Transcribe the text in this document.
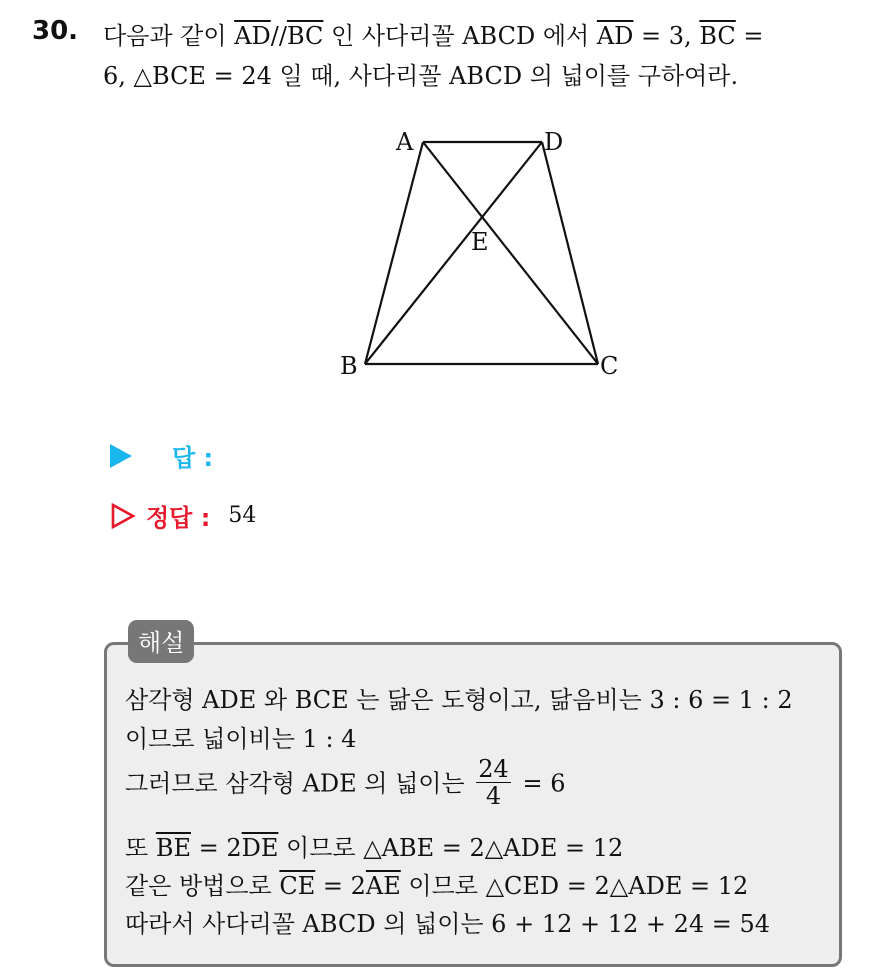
30. 다음과 같이 $\overline{AD}//\overline{BC}$ 인 사다리꼴 ABCD 에서 $\overline{AD} = 3$, $\overline{BC}$ =
6, △BCE = 24 일 때, 사다리꼴 ABCD 의 넓이를 구하여라.
A	D
E
B	C
답 :
정답 : 54
해설
삼각형 ADE 와 BCE 는 닮은 도형이고, 닮음비는 3 : 6 = 1 : 2
이므로 넓이비는 1 : 4
그러므로 삼각형 ADE 의 넓이는 $\frac{24}{4} = 6$
또 $\overline{BE} = 2\overline{DE}$ 이므로 △ABE = 2△ADE = 12
같은 방법으로 $\overline{CE} = 2\overline{AE}$ 이므로 △CED = 2△ADE = 12
따라서 사다리꼴 ABCD 의 넓이는 6 + 12 + 12 + 24 = 54
